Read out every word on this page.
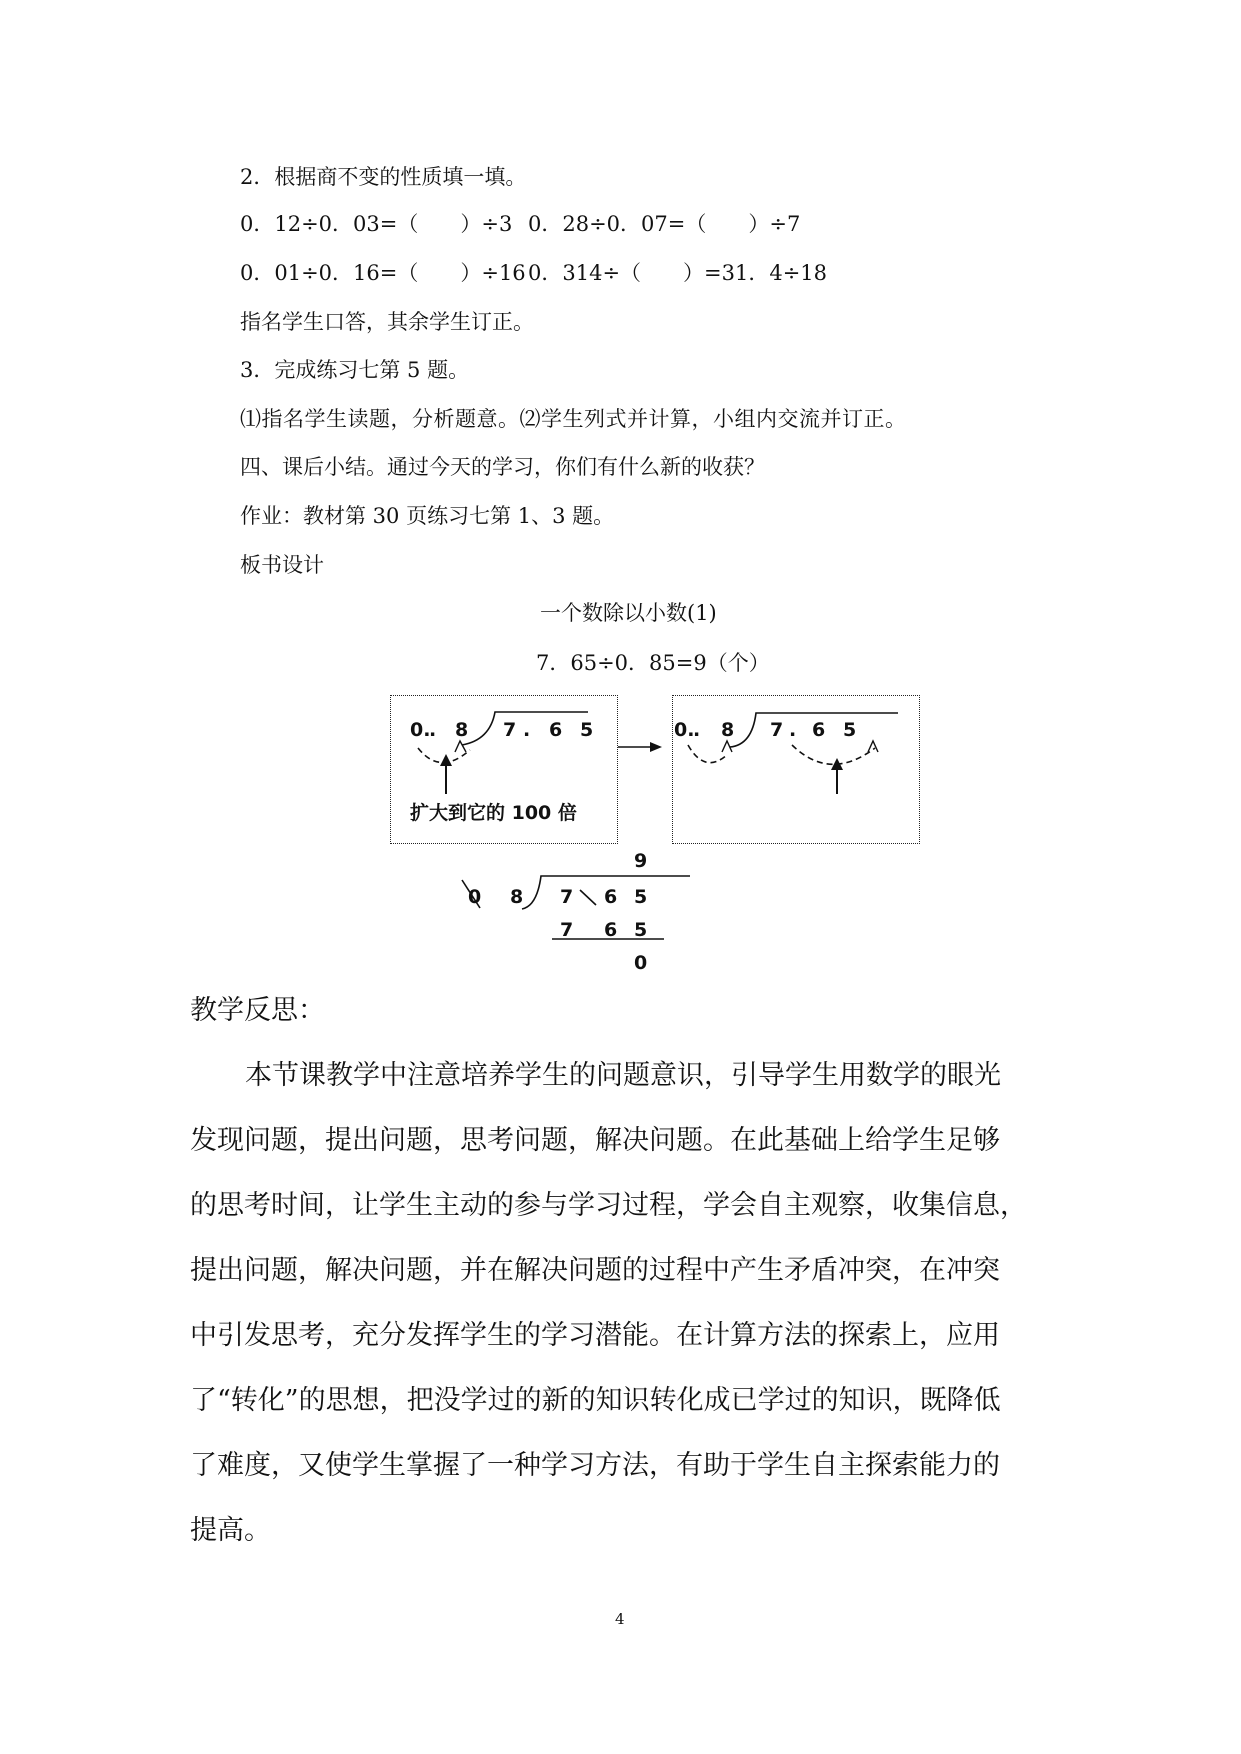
2．根据商不变的性质填一填。
0．12÷0．03=（　　）÷3 0．28÷0．07=（　　）÷7
0．01÷0．16=（　　）÷16 0．314÷（　　）=31．4÷18
指名学生口答，其余学生订正。
3．完成练习七第 5 题。
⑴指名学生读题，分析题意。⑵学生列式并计算，小组内交流并订正。
四、课后小结。通过今天的学习，你们有什么新的收获？
作业：教材第 30 页练习七第 1、3 题。
板书设计
一个数除以小数(1)
7．65÷0．85=9（个）
0.
. 8 7 . 6 5
扩大到它的 100 倍
0.
. 8 7 . 6 5
9
0 8 7 6 5
7 6 5
0
教学反思：
本节课教学中注意培养学生的问题意识，引导学生用数学的眼光
发现问题，提出问题，思考问题，解决问题。在此基础上给学生足够
的思考时间，让学生主动的参与学习过程，学会自主观察，收集信息，
提出问题，解决问题，并在解决问题的过程中产生矛盾冲突，在冲突
中引发思考，充分发挥学生的学习潜能。在计算方法的探索上，应用
了“转化”的思想，把没学过的新的知识转化成已学过的知识，既降低
了难度，又使学生掌握了一种学习方法，有助于学生自主探索能力的
提高。
4
